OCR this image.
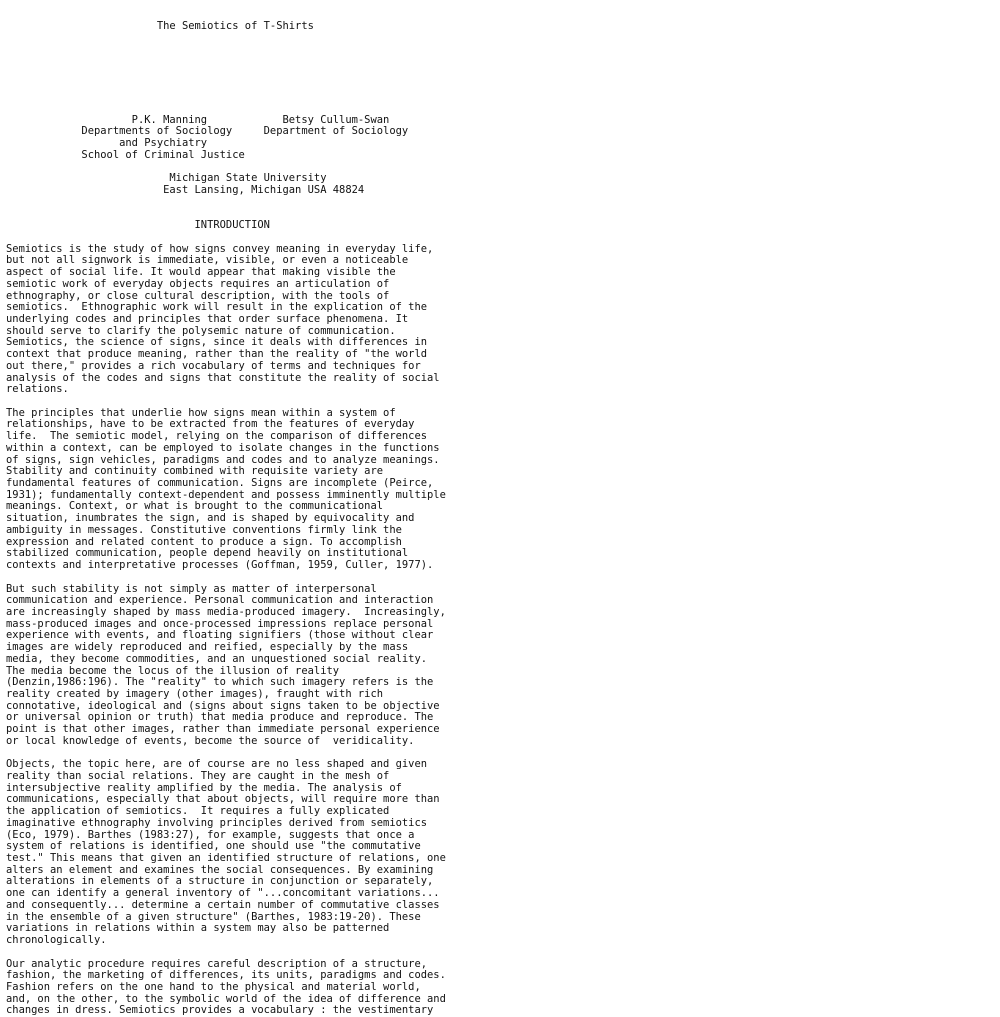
The Semiotics of T-Shirts
P.K. Manning            Betsy Cullum-Swan
Departments of Sociology     Department of Sociology
and Psychiatry
School of Criminal Justice
Michigan State University
East Lansing, Michigan USA 48824
INTRODUCTION
Semiotics is the study of how signs convey meaning in everyday life,
but not all signwork is immediate, visible, or even a noticeable
aspect of social life. It would appear that making visible the
semiotic work of everyday objects requires an articulation of
ethnography, or close cultural description, with the tools of
semiotics.  Ethnographic work will result in the explication of the
underlying codes and principles that order surface phenomena. It
should serve to clarify the polysemic nature of communication.
Semiotics, the science of signs, since it deals with differences in
context that produce meaning, rather than the reality of "the world
out there," provides a rich vocabulary of terms and techniques for
analysis of the codes and signs that constitute the reality of social
relations.
The principles that underlie how signs mean within a system of
relationships, have to be extracted from the features of everyday
life.  The semiotic model, relying on the comparison of differences
within a context, can be employed to isolate changes in the functions
of signs, sign vehicles, paradigms and codes and to analyze meanings.
Stability and continuity combined with requisite variety are
fundamental features of communication. Signs are incomplete (Peirce,
1931); fundamentally context-dependent and possess imminently multiple
meanings. Context, or what is brought to the communicational
situation, inumbrates the sign, and is shaped by equivocality and
ambiguity in messages. Constitutive conventions firmly link the
expression and related content to produce a sign. To accomplish
stabilized communication, people depend heavily on institutional
contexts and interpretative processes (Goffman, 1959, Culler, 1977).
But such stability is not simply as matter of interpersonal
communication and experience. Personal communication and interaction
are increasingly shaped by mass media-produced imagery.  Increasingly,
mass-produced images and once-processed impressions replace personal
experience with events, and floating signifiers (those without clear
images are widely reproduced and reified, especially by the mass
media, they become commodities, and an unquestioned social reality.
The media become the locus of the illusion of reality
(Denzin,1986:196). The "reality" to which such imagery refers is the
reality created by imagery (other images), fraught with rich
connotative, ideological and (signs about signs taken to be objective
or universal opinion or truth) that media produce and reproduce. The
point is that other images, rather than immediate personal experience
or local knowledge of events, become the source of  veridicality.
Objects, the topic here, are of course are no less shaped and given
reality than social relations. They are caught in the mesh of
intersubjective reality amplified by the media. The analysis of
communications, especially that about objects, will require more than
the application of semiotics.  It requires a fully explicated
imaginative ethnography involving principles derived from semiotics
(Eco, 1979). Barthes (1983:27), for example, suggests that once a
system of relations is identified, one should use "the commutative
test." This means that given an identified structure of relations, one
alters an element and examines the social consequences. By examining
alterations in elements of a structure in conjunction or separately,
one can identify a general inventory of "...concomitant variations...
and consequently... determine a certain number of commutative classes
in the ensemble of a given structure" (Barthes, 1983:19-20). These
variations in relations within a system may also be patterned
chronologically.
Our analytic procedure requires careful description of a structure,
fashion, the marketing of differences, its units, paradigms and codes.
Fashion refers on the one hand to the physical and material world,
and, on the other, to the symbolic world of the idea of difference and
changes in dress. Semiotics provides a vocabulary : the vestimentary
